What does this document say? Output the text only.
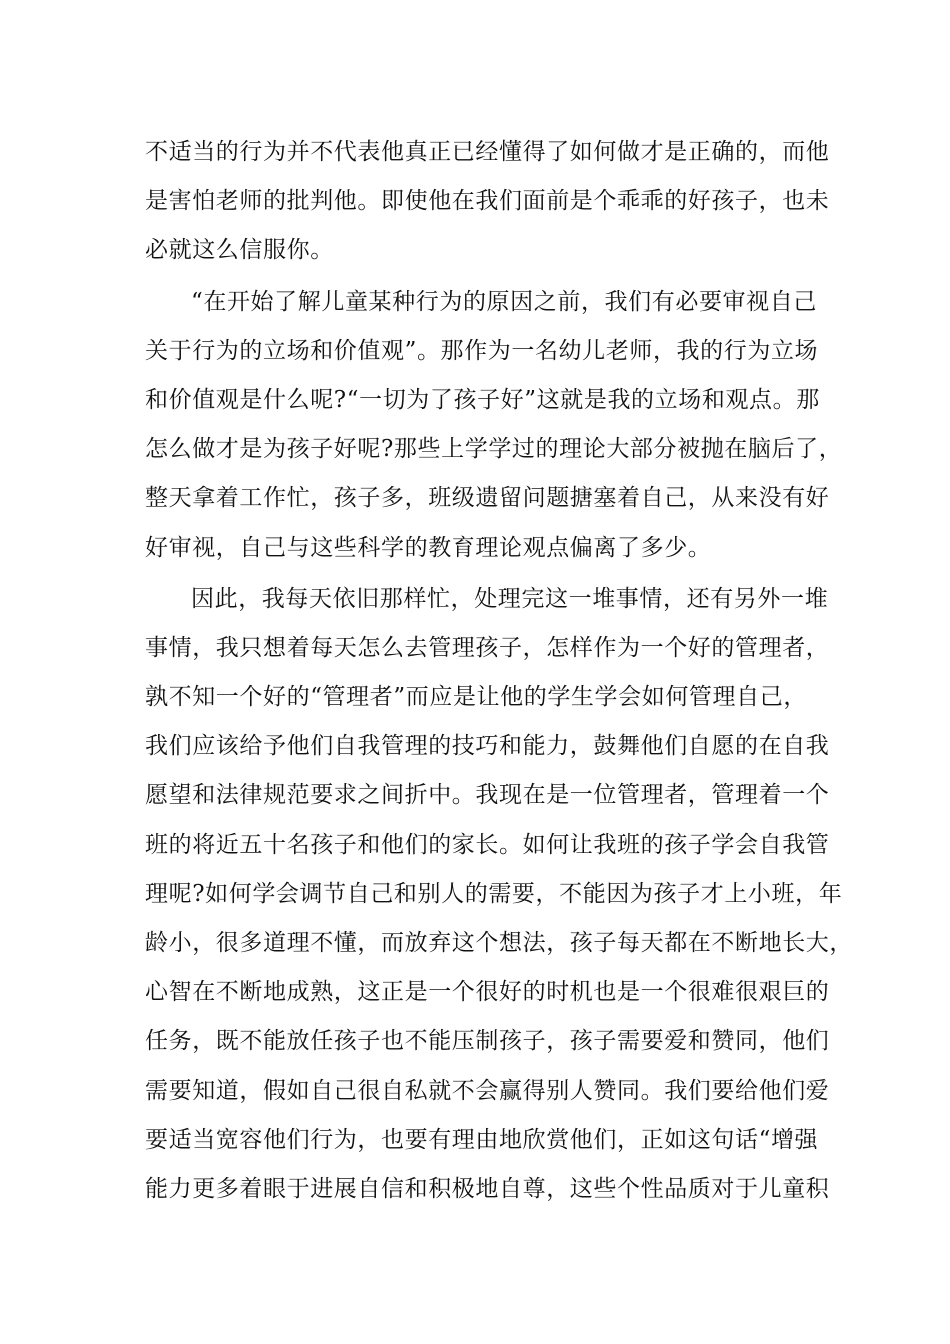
不适当的行为并不代表他真正已经懂得了如何做才是正确的，而他
是害怕老师的批判他。即使他在我们面前是个乖乖的好孩子，也未
必就这么信服你。
“在开始了解儿童某种行为的原因之前，我们有必要审视自己
关于行为的立场和价值观”。那作为一名幼儿老师，我的行为立场
和价值观是什么呢?“一切为了孩子好”这就是我的立场和观点。那
怎么做才是为孩子好呢?那些上学学过的理论大部分被抛在脑后了，
整天拿着工作忙，孩子多，班级遗留问题搪塞着自己，从来没有好
好审视，自己与这些科学的教育理论观点偏离了多少。
因此，我每天依旧那样忙，处理完这一堆事情，还有另外一堆
事情，我只想着每天怎么去管理孩子，怎样作为一个好的管理者，
孰不知一个好的“管理者”而应是让他的学生学会如何管理自己，
我们应该给予他们自我管理的技巧和能力，鼓舞他们自愿的在自我
愿望和法律规范要求之间折中。我现在是一位管理者，管理着一个
班的将近五十名孩子和他们的家长。如何让我班的孩子学会自我管
理呢?如何学会调节自己和别人的需要，不能因为孩子才上小班，年
龄小，很多道理不懂，而放弃这个想法，孩子每天都在不断地长大，
心智在不断地成熟，这正是一个很好的时机也是一个很难很艰巨的
任务，既不能放任孩子也不能压制孩子，孩子需要爱和赞同，他们
需要知道，假如自己很自私就不会赢得别人赞同。我们要给他们爱
要适当宽容他们行为，也要有理由地欣赏他们，正如这句话“增强
能力更多着眼于进展自信和积极地自尊，这些个性品质对于儿童积
